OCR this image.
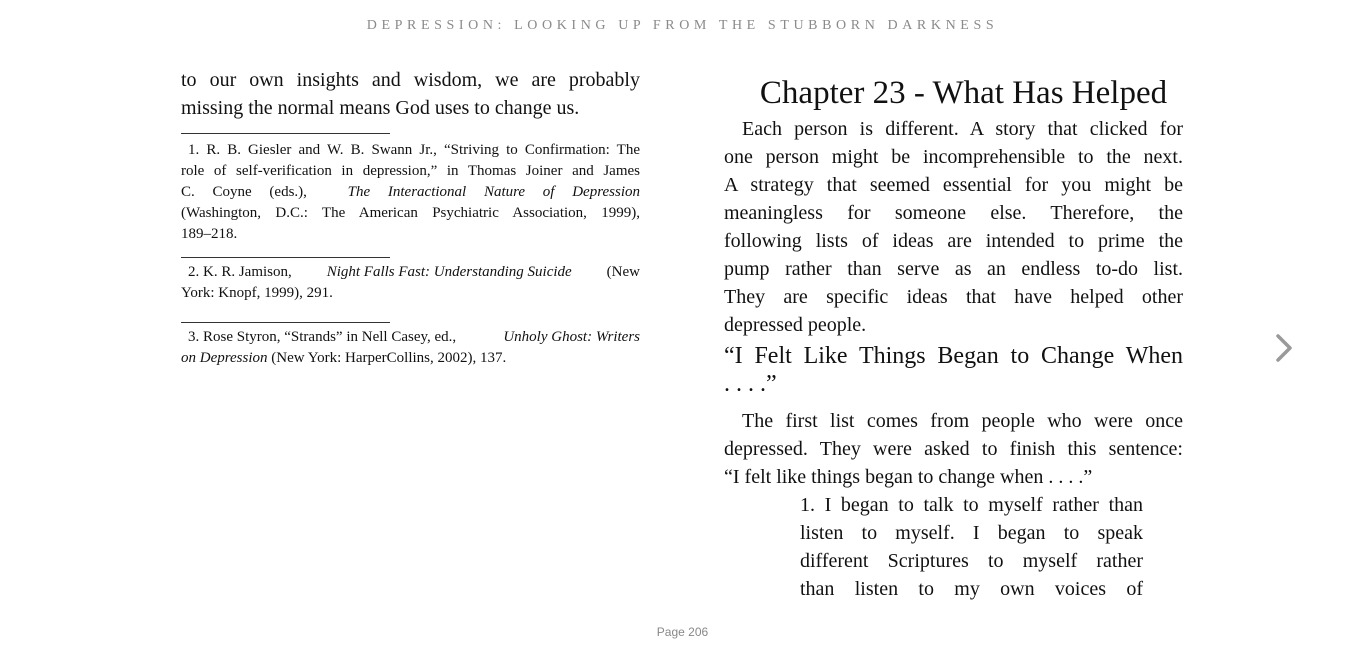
DEPRESSION: LOOKING UP FROM THE STUBBORN DARKNESS
to our own insights and wisdom, we are probably
missing the normal means God uses to change us.
1. R. B. Giesler and W. B. Swann Jr., “Striving to Confirmation: The
role of self-verification in depression,” in Thomas Joiner and James
C. Coyne (eds.), The Interactional Nature of Depression
(Washington, D.C.: The American Psychiatric Association, 1999),
189–218.
2. K. R. Jamison, Night Falls Fast: Understanding Suicide (New
York: Knopf, 1999), 291.
3. Rose Styron, “Strands” in Nell Casey, ed.,	Unholy Ghost: Writers
on Depression (New York: HarperCollins, 2002), 137.
Chapter 23 - What Has Helped
Each person is different. A story that clicked for
one person might be incomprehensible to the next.
A strategy that seemed essential for you might be
meaningless for someone else. Therefore, the
following lists of ideas are intended to prime the
pump rather than serve as an endless to-do list.
They are specific ideas that have helped other
depressed people.
“I Felt Like Things Began to Change When
. . . .”
The first list comes from people who were once
depressed. They were asked to finish this sentence:
“I felt like things began to change when . . . .”
1. I began to talk to myself rather than
listen to myself. I began to speak
different Scriptures to myself rather
than listen to my own voices of
Page 206
